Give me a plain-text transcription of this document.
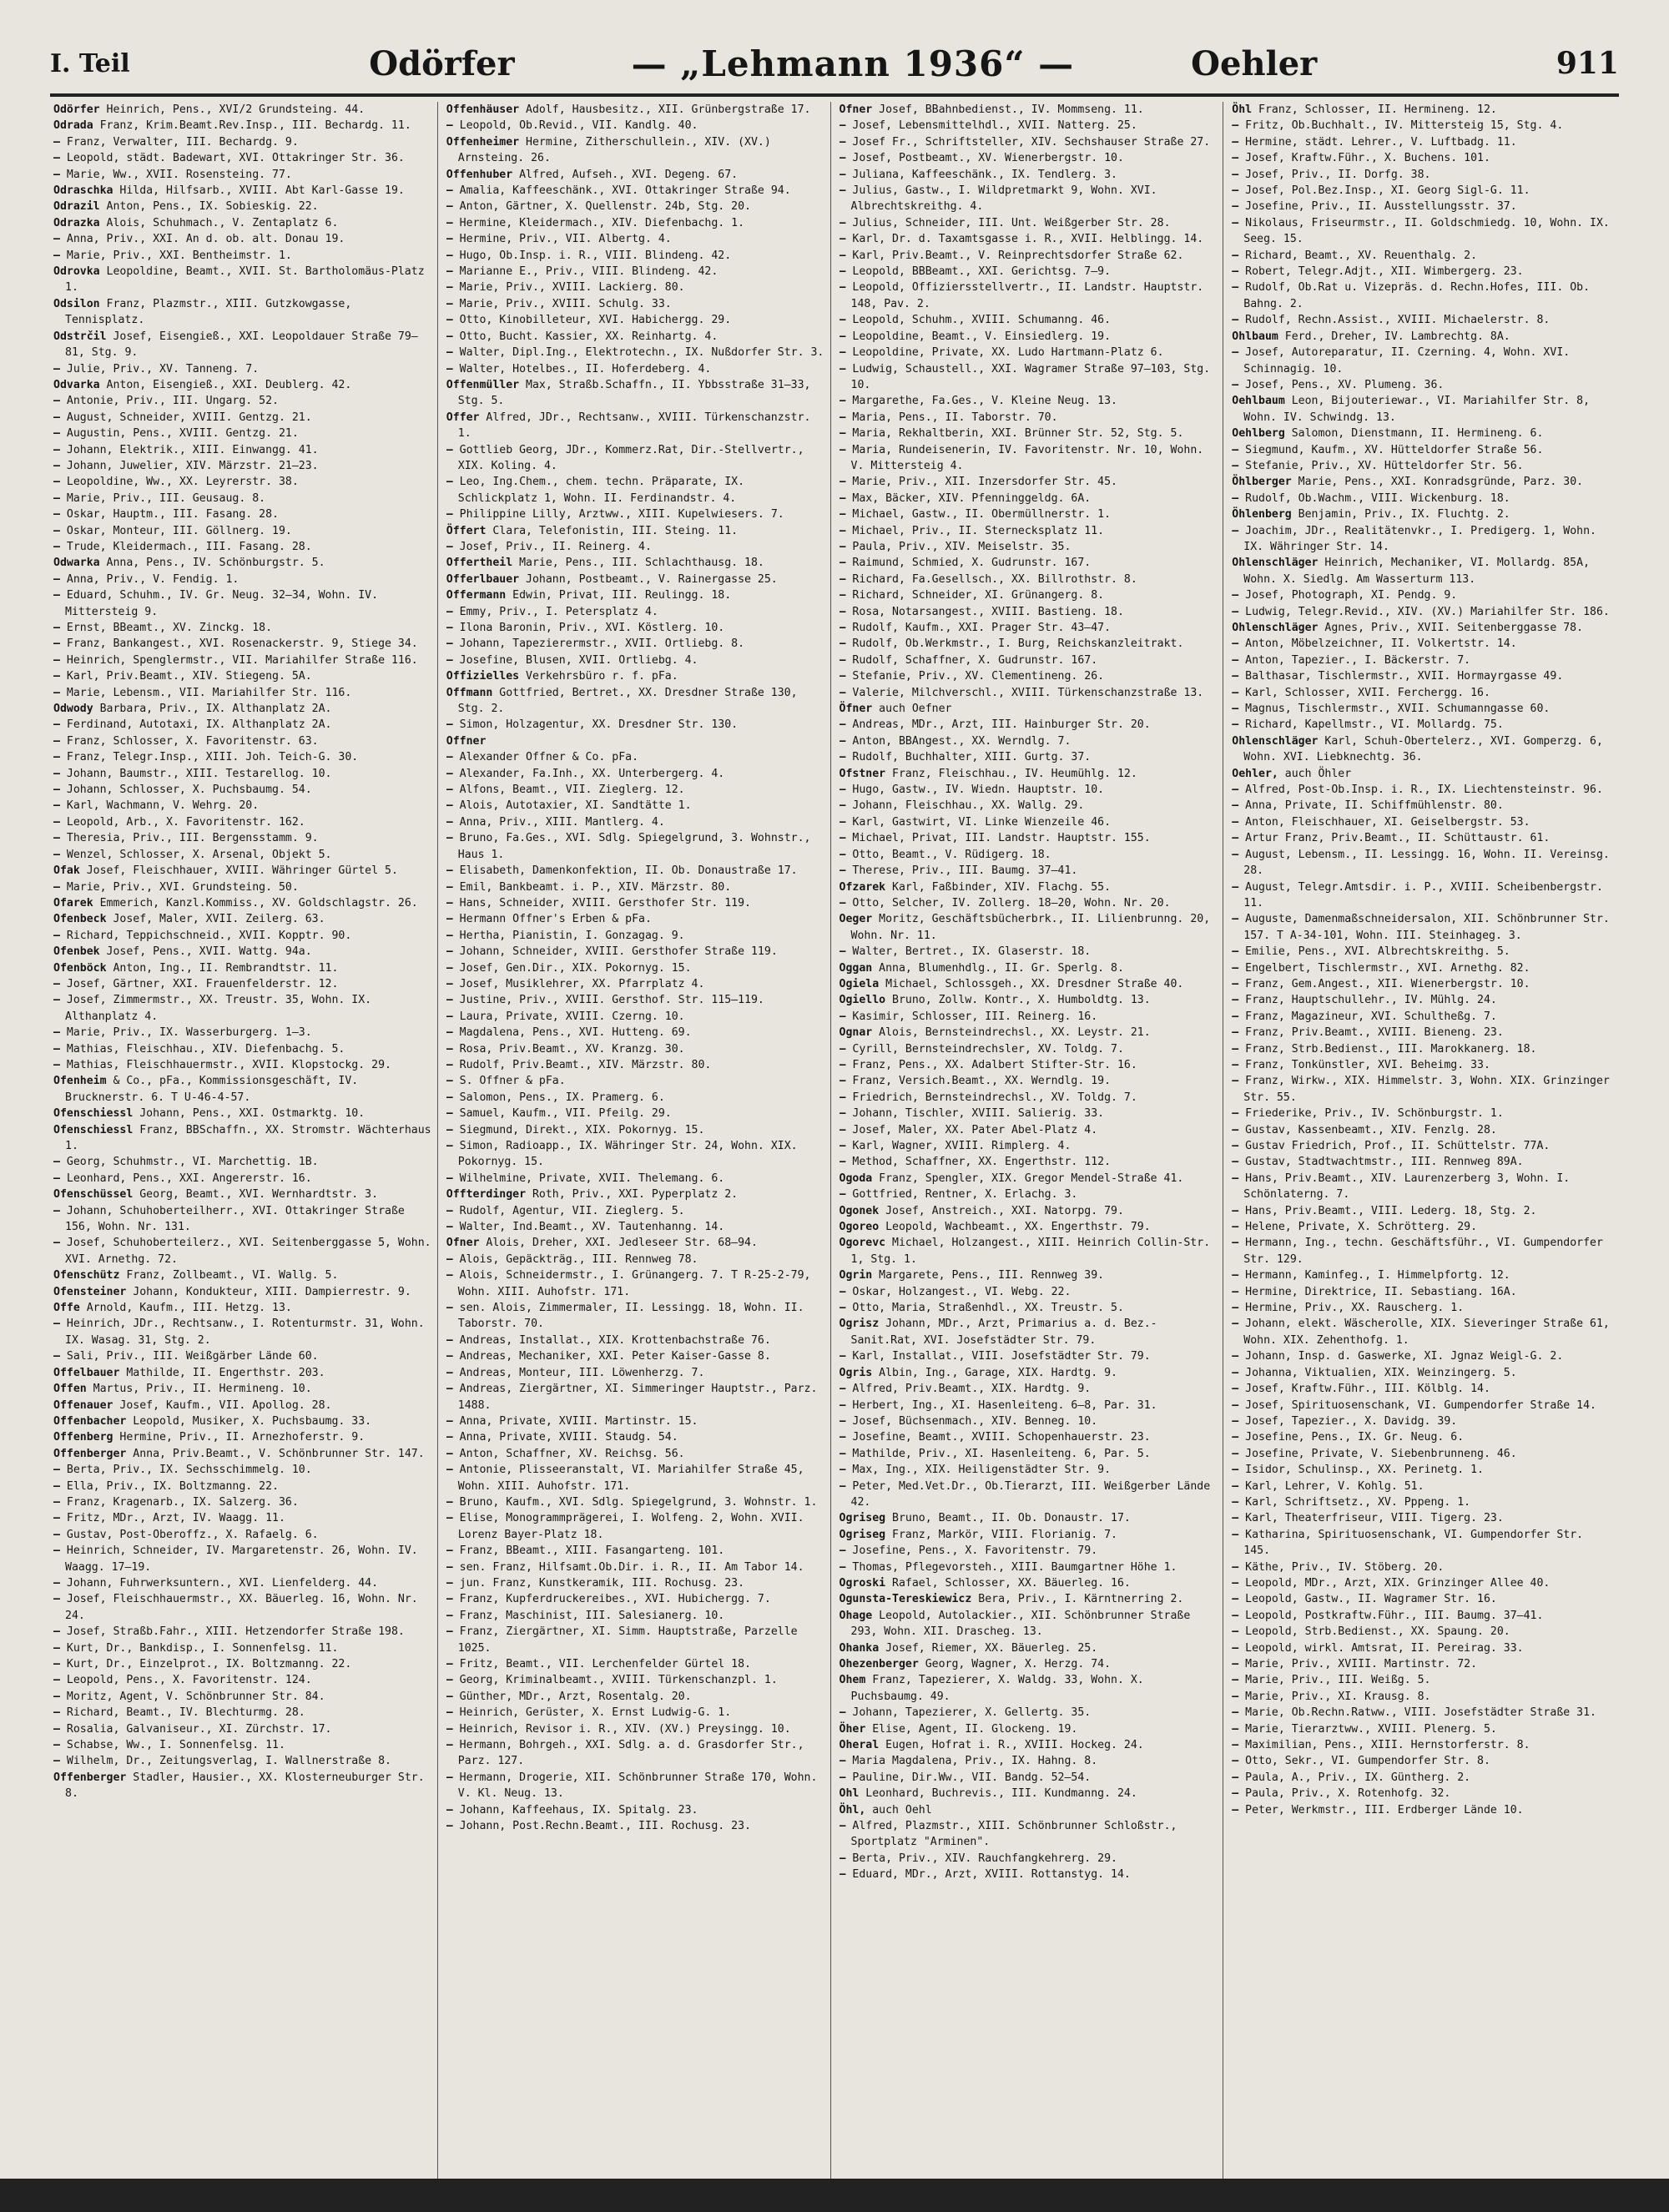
I. Teil	Odörfer	— „Lehmann 1936“ —	Oehler	911
Odörfer Heinrich, Pens., XVI/2 Grundsteing. 44.
Odrada Franz, Krim.Beamt.Rev.Insp., III. Bechardg. 11.
— Franz, Verwalter, III. Bechardg. 9.
— Leopold, städt. Badewart, XVI. Ottakringer Str. 36.
— Marie, Ww., XVII. Rosensteing. 77.
Odraschka Hilda, Hilfsarb., XVIII. Abt Karl-Gasse 19.
Odrazil Anton, Pens., IX. Sobieskig. 22.
Odrazka Alois, Schuhmach., V. Zentaplatz 6.
— Anna, Priv., XXI. An d. ob. alt. Donau 19.
— Marie, Priv., XXI. Bentheimstr. 1.
Odrovka Leopoldine, Beamt., XVII. St. Bartholomäus-Platz 1.
Odsilon Franz, Plazmstr., XIII. Gutzkowgasse, Tennisplatz.
Odstrčil Josef, Eisengieß., XXI. Leopoldauer Straße 79—81, Stg. 9.
— Julie, Priv., XV. Tanneng. 7.
Odvarka Anton, Eisengieß., XXI. Deublerg. 42.
— Antonie, Priv., III. Ungarg. 52.
— August, Schneider, XVIII. Gentzg. 21.
— Augustin, Pens., XVIII. Gentzg. 21.
— Johann, Elektrik., XIII. Einwangg. 41.
— Johann, Juwelier, XIV. Märzstr. 21—23.
— Leopoldine, Ww., XX. Leyrerstr. 38.
— Marie, Priv., III. Geusaug. 8.
— Oskar, Hauptm., III. Fasang. 28.
— Oskar, Monteur, III. Göllnerg. 19.
— Trude, Kleidermach., III. Fasang. 28.
Odwarka Anna, Pens., IV. Schönburgstr. 5.
— Anna, Priv., V. Fendig. 1.
— Eduard, Schuhm., IV. Gr. Neug. 32—34, Wohn. IV. Mittersteig 9.
— Ernst, BBeamt., XV. Zinckg. 18.
— Franz, Bankangest., XVI. Rosenackerstr. 9, Stiege 34.
— Heinrich, Spenglermstr., VII. Mariahilfer Straße 116.
— Karl, Priv.Beamt., XIV. Stiegeng. 5A.
— Marie, Lebensm., VII. Mariahilfer Str. 116.
Odwody Barbara, Priv., IX. Althanplatz 2A.
— Ferdinand, Autotaxi, IX. Althanplatz 2A.
— Franz, Schlosser, X. Favoritenstr. 63.
— Franz, Telegr.Insp., XIII. Joh. Teich-G. 30.
— Johann, Baumstr., XIII. Testarellog. 10.
— Johann, Schlosser, X. Puchsbaumg. 54.
— Karl, Wachmann, V. Wehrg. 20.
— Leopold, Arb., X. Favoritenstr. 162.
— Theresia, Priv., III. Bergensstamm. 9.
— Wenzel, Schlosser, X. Arsenal, Objekt 5.
Ofak Josef, Fleischhauer, XVIII. Währinger Gürtel 5.
— Marie, Priv., XVI. Grundsteing. 50.
Ofarek Emmerich, Kanzl.Kommiss., XV. Goldschlagstr. 26.
Ofenbeck Josef, Maler, XVII. Zeilerg. 63.
— Richard, Teppichschneid., XVII. Kopptr. 90.
Ofenbek Josef, Pens., XVII. Wattg. 94a.
Ofenböck Anton, Ing., II. Rembrandtstr. 11.
— Josef, Gärtner, XXI. Frauenfelderstr. 12.
— Josef, Zimmermstr., XX. Treustr. 35, Wohn. IX. Althanplatz 4.
— Marie, Priv., IX. Wasserburgerg. 1—3.
— Mathias, Fleischhau., XIV. Diefenbachg. 5.
— Mathias, Fleischhauermstr., XVII. Klopstockg. 29.
Ofenheim & Co., pFa., Kommissionsgeschäft, IV. Brucknerstr. 6. T U-46-4-57.
Ofenschiessl Johann, Pens., XXI. Ostmarktg. 10.
Ofenschiessl Franz, BBSchaffn., XX. Stromstr. Wächterhaus 1.
— Georg, Schuhmstr., VI. Marchettig. 1B.
— Leonhard, Pens., XXI. Angererstr. 16.
Ofenschüssel Georg, Beamt., XVI. Wernhardtstr. 3.
— Johann, Schuhoberteilherr., XVI. Ottakringer Straße 156, Wohn. Nr. 131.
— Josef, Schuhoberteilerz., XVI. Seitenberggasse 5, Wohn. XVI. Arnethg. 72.
Ofenschütz Franz, Zollbeamt., VI. Wallg. 5.
Ofensteiner Johann, Kondukteur, XIII. Dampierrestr. 9.
Offe Arnold, Kaufm., III. Hetzg. 13.
— Heinrich, JDr., Rechtsanw., I. Rotenturmstr. 31, Wohn. IX. Wasag. 31, Stg. 2.
— Sali, Priv., III. Weißgärber Lände 60.
Offelbauer Mathilde, II. Engerthstr. 203.
Offen Martus, Priv., II. Hermineng. 10.
Offenauer Josef, Kaufm., VII. Apollog. 28.
Offenbacher Leopold, Musiker, X. Puchsbaumg. 33.
Offenberg Hermine, Priv., II. Arnezhoferstr. 9.
Offenberger Anna, Priv.Beamt., V. Schönbrunner Str. 147.
— Berta, Priv., IX. Sechsschimmelg. 10.
— Ella, Priv., IX. Boltzmanng. 22.
— Franz, Kragenarb., IX. Salzerg. 36.
— Fritz, MDr., Arzt, IV. Waagg. 11.
— Gustav, Post-Oberoffz., X. Rafaelg. 6.
— Heinrich, Schneider, IV. Margaretenstr. 26, Wohn. IV. Waagg. 17—19.
— Johann, Fuhrwerksuntern., XVI. Lienfelderg. 44.
— Josef, Fleischhauermstr., XX. Bäuerleg. 16, Wohn. Nr. 24.
— Josef, Straßb.Fahr., XIII. Hetzendorfer Straße 198.
— Kurt, Dr., Bankdisp., I. Sonnenfelsg. 11.
— Kurt, Dr., Einzelprot., IX. Boltzmanng. 22.
— Leopold, Pens., X. Favoritenstr. 124.
— Moritz, Agent, V. Schönbrunner Str. 84.
— Richard, Beamt., IV. Blechturmg. 28.
— Rosalia, Galvaniseur., XI. Zürchstr. 17.
— Schabse, Ww., I. Sonnenfelsg. 11.
— Wilhelm, Dr., Zeitungsverlag, I. Wallnerstraße 8.
Offenberger Stadler, Hausier., XX. Klosterneuburger Str. 8.
Offenhäuser Adolf, Hausbesitz., XII. Grünbergstraße 17.
— Leopold, Ob.Revid., VII. Kandlg. 40.
Offenheimer Hermine, Zitherschullein., XIV. (XV.) Arnsteing. 26.
Offenhuber Alfred, Aufseh., XVI. Degeng. 67.
— Amalia, Kaffeeschänk., XVI. Ottakringer Straße 94.
— Anton, Gärtner, X. Quellenstr. 24b, Stg. 20.
— Hermine, Kleidermach., XIV. Diefenbachg. 1.
— Hermine, Priv., VII. Albertg. 4.
— Hugo, Ob.Insp. i. R., VIII. Blindeng. 42.
— Marianne E., Priv., VIII. Blindeng. 42.
— Marie, Priv., XVIII. Lackierg. 80.
— Marie, Priv., XVIII. Schulg. 33.
— Otto, Kinobilleteur, XVI. Habichergg. 29.
— Otto, Bucht. Kassier, XX. Reinhartg. 4.
— Walter, Dipl.Ing., Elektrotechn., IX. Nußdorfer Str. 3.
— Walter, Hotelbes., II. Hoferdeberg. 4.
Offenmüller Max, Straßb.Schaffn., II. Ybbsstraße 31—33, Stg. 5.
Offer Alfred, JDr., Rechtsanw., XVIII. Türkenschanzstr. 1.
— Gottlieb Georg, JDr., Kommerz.Rat, Dir.-Stellvertr., XIX. Koling. 4.
— Leo, Ing.Chem., chem. techn. Präparate, IX. Schlickplatz 1, Wohn. II. Ferdinandstr. 4.
— Philippine Lilly, Arztww., XIII. Kupelwiesers. 7.
Öffert Clara, Telefonistin, III. Steing. 11.
— Josef, Priv., II. Reinerg. 4.
Offertheil Marie, Pens., III. Schlachthausg. 18.
Offerlbauer Johann, Postbeamt., V. Rainergasse 25.
Offermann Edwin, Privat, III. Reulingg. 18.
— Emmy, Priv., I. Petersplatz 4.
— Ilona Baronin, Priv., XVI. Köstlerg. 10.
— Johann, Tapezierermstr., XVII. Ortliebg. 8.
— Josefine, Blusen, XVII. Ortliebg. 4.
Offizielles Verkehrsbüro r. f. pFa.
Offmann Gottfried, Bertret., XX. Dresdner Straße 130, Stg. 2.
— Simon, Holzagentur, XX. Dresdner Str. 130.
Offner
— Alexander Offner & Co. pFa.
— Alexander, Fa.Inh., XX. Unterbergerg. 4.
— Alfons, Beamt., VII. Zieglerg. 12.
— Alois, Autotaxier, XI. Sandtätte 1.
— Anna, Priv., XIII. Mantlerg. 4.
— Bruno, Fa.Ges., XVI. Sdlg. Spiegelgrund, 3. Wohnstr., Haus 1.
— Elisabeth, Damenkonfektion, II. Ob. Donaustraße 17.
— Emil, Bankbeamt. i. P., XIV. Märzstr. 80.
— Hans, Schneider, XVIII. Gersthofer Str. 119.
— Hermann Offner's Erben & pFa.
— Hertha, Pianistin, I. Gonzagag. 9.
— Johann, Schneider, XVIII. Gersthofer Straße 119.
— Josef, Gen.Dir., XIX. Pokornyg. 15.
— Josef, Musiklehrer, XX. Pfarrplatz 4.
— Justine, Priv., XVIII. Gersthof. Str. 115—119.
— Laura, Private, XVIII. Czerng. 10.
— Magdalena, Pens., XVI. Hutteng. 69.
— Rosa, Priv.Beamt., XV. Kranzg. 30.
— Rudolf, Priv.Beamt., XIV. Märzstr. 80.
— S. Offner & pFa.
— Salomon, Pens., IX. Pramerg. 6.
— Samuel, Kaufm., VII. Pfeilg. 29.
— Siegmund, Direkt., XIX. Pokornyg. 15.
— Simon, Radioapp., IX. Währinger Str. 24, Wohn. XIX. Pokornyg. 15.
— Wilhelmine, Private, XVII. Thelemang. 6.
Offterdinger Roth, Priv., XXI. Pyperplatz 2.
— Rudolf, Agentur, VII. Zieglerg. 5.
— Walter, Ind.Beamt., XV. Tautenhanng. 14.
Ofner Alois, Dreher, XXI. Jedleseer Str. 68—94.
— Alois, Gepäckträg., III. Rennweg 78.
— Alois, Schneidermstr., I. Grünangerg. 7. T R-25-2-79, Wohn. XIII. Auhofstr. 171.
— sen. Alois, Zimmermaler, II. Lessingg. 18, Wohn. II. Taborstr. 70.
— Andreas, Installat., XIX. Krottenbachstraße 76.
— Andreas, Mechaniker, XXI. Peter Kaiser-Gasse 8.
— Andreas, Monteur, III. Löwenherzg. 7.
— Andreas, Ziergärtner, XI. Simmeringer Hauptstr., Parz. 1488.
— Anna, Private, XVIII. Martinstr. 15.
— Anna, Private, XVIII. Staudg. 54.
— Anton, Schaffner, XV. Reichsg. 56.
— Antonie, Plisseeranstalt, VI. Mariahilfer Straße 45, Wohn. XIII. Auhofstr. 171.
— Bruno, Kaufm., XVI. Sdlg. Spiegelgrund, 3. Wohnstr. 1.
— Elise, Monogrammprägerei, I. Wolfeng. 2, Wohn. XVII. Lorenz Bayer-Platz 18.
— Franz, BBeamt., XIII. Fasangarteng. 101.
— sen. Franz, Hilfsamt.Ob.Dir. i. R., II. Am Tabor 14.
— jun. Franz, Kunstkeramik, III. Rochusg. 23.
— Franz, Kupferdruckereibes., XVI. Hubichergg. 7.
— Franz, Maschinist, III. Salesianerg. 10.
— Franz, Ziergärtner, XI. Simm. Hauptstraße, Parzelle 1025.
— Fritz, Beamt., VII. Lerchenfelder Gürtel 18.
— Georg, Kriminalbeamt., XVIII. Türkenschanzpl. 1.
— Günther, MDr., Arzt, Rosentalg. 20.
— Heinrich, Gerüster, X. Ernst Ludwig-G. 1.
— Heinrich, Revisor i. R., XIV. (XV.) Preysingg. 10.
— Hermann, Bohrgeh., XXI. Sdlg. a. d. Grasdorfer Str., Parz. 127.
— Hermann, Drogerie, XII. Schönbrunner Straße 170, Wohn. V. Kl. Neug. 13.
— Johann, Kaffeehaus, IX. Spitalg. 23.
— Johann, Post.Rechn.Beamt., III. Rochusg. 23.
Ofner Josef, BBahnbedienst., IV. Mommseng. 11.
— Josef, Lebensmittelhdl., XVII. Natterg. 25.
— Josef Fr., Schriftsteller, XIV. Sechshauser Straße 27.
— Josef, Postbeamt., XV. Wienerbergstr. 10.
— Juliana, Kaffeeschänk., IX. Tendlerg. 3.
— Julius, Gastw., I. Wildpretmarkt 9, Wohn. XVI. Albrechtskreithg. 4.
— Julius, Schneider, III. Unt. Weißgerber Str. 28.
— Karl, Dr. d. Taxamtsgasse i. R., XVII. Helblingg. 14.
— Karl, Priv.Beamt., V. Reinprechtsdorfer Straße 62.
— Leopold, BBBeamt., XXI. Gerichtsg. 7—9.
— Leopold, Offiziersstellvertr., II. Landstr. Hauptstr. 148, Pav. 2.
— Leopold, Schuhm., XVIII. Schumanng. 46.
— Leopoldine, Beamt., V. Einsiedlerg. 19.
— Leopoldine, Private, XX. Ludo Hartmann-Platz 6.
— Ludwig, Schaustell., XXI. Wagramer Straße 97—103, Stg. 10.
— Margarethe, Fa.Ges., V. Kleine Neug. 13.
— Maria, Pens., II. Taborstr. 70.
— Maria, Rekhaltberin, XXI. Brünner Str. 52, Stg. 5.
— Maria, Rundeisenerin, IV. Favoritenstr. Nr. 10, Wohn. V. Mittersteig 4.
— Marie, Priv., XII. Inzersdorfer Str. 45.
— Max, Bäcker, XIV. Pfenninggeldg. 6A.
— Michael, Gastw., II. Obermüllnerstr. 1.
— Michael, Priv., II. Sternecksplatz 11.
— Paula, Priv., XIV. Meiselstr. 35.
— Raimund, Schmied, X. Gudrunstr. 167.
— Richard, Fa.Gesellsch., XX. Billrothstr. 8.
— Richard, Schneider, XI. Grünangerg. 8.
— Rosa, Notarsangest., XVIII. Bastieng. 18.
— Rudolf, Kaufm., XXI. Prager Str. 43—47.
— Rudolf, Ob.Werkmstr., I. Burg, Reichskanzleitrakt.
— Rudolf, Schaffner, X. Gudrunstr. 167.
— Stefanie, Priv., XV. Clementineng. 26.
— Valerie, Milchverschl., XVIII. Türkenschanzstraße 13.
Öfner auch Oefner
— Andreas, MDr., Arzt, III. Hainburger Str. 20.
— Anton, BBAngest., XX. Werndlg. 7.
— Rudolf, Buchhalter, XIII. Gurtg. 37.
Ofstner Franz, Fleischhau., IV. Heumühlg. 12.
— Hugo, Gastw., IV. Wiedn. Hauptstr. 10.
— Johann, Fleischhau., XX. Wallg. 29.
— Karl, Gastwirt, VI. Linke Wienzeile 46.
— Michael, Privat, III. Landstr. Hauptstr. 155.
— Otto, Beamt., V. Rüdigerg. 18.
— Therese, Priv., III. Baumg. 37—41.
Ofzarek Karl, Faßbinder, XIV. Flachg. 55.
— Otto, Selcher, IV. Zollerg. 18—20, Wohn. Nr. 20.
Oeger Moritz, Geschäftsbücherbrk., II. Lilienbrunng. 20, Wohn. Nr. 11.
— Walter, Bertret., IX. Glaserstr. 18.
Oggan Anna, Blumenhdlg., II. Gr. Sperlg. 8.
Ogiela Michael, Schlossgeh., XX. Dresdner Straße 40.
Ogiello Bruno, Zollw. Kontr., X. Humboldtg. 13.
— Kasimir, Schlosser, III. Reinerg. 16.
Ognar Alois, Bernsteindrechsl., XX. Leystr. 21.
— Cyrill, Bernsteindrechsler, XV. Toldg. 7.
— Franz, Pens., XX. Adalbert Stifter-Str. 16.
— Franz, Versich.Beamt., XX. Werndlg. 19.
— Friedrich, Bernsteindrechsl., XV. Toldg. 7.
— Johann, Tischler, XVIII. Salierig. 33.
— Josef, Maler, XX. Pater Abel-Platz 4.
— Karl, Wagner, XVIII. Rimplerg. 4.
— Method, Schaffner, XX. Engerthstr. 112.
Ogoda Franz, Spengler, XIX. Gregor Mendel-Straße 41.
— Gottfried, Rentner, X. Erlachg. 3.
Ogonek Josef, Anstreich., XXI. Natorpg. 79.
Ogoreo Leopold, Wachbeamt., XX. Engerthstr. 79.
Ogorevc Michael, Holzangest., XIII. Heinrich Collin-Str. 1, Stg. 1.
Ogrin Margarete, Pens., III. Rennweg 39.
— Oskar, Holzangest., VI. Webg. 22.
— Otto, Maria, Straßenhdl., XX. Treustr. 5.
Ogrisz Johann, MDr., Arzt, Primarius a. d. Bez.-Sanit.Rat, XVI. Josefstädter Str. 79.
— Karl, Installat., VIII. Josefstädter Str. 79.
Ogris Albin, Ing., Garage, XIX. Hardtg. 9.
— Alfred, Priv.Beamt., XIX. Hardtg. 9.
— Herbert, Ing., XI. Hasenleiteng. 6—8, Par. 31.
— Josef, Büchsenmach., XIV. Benneg. 10.
— Josefine, Beamt., XVIII. Schopenhauerstr. 23.
— Mathilde, Priv., XI. Hasenleiteng. 6, Par. 5.
— Max, Ing., XIX. Heiligenstädter Str. 9.
— Peter, Med.Vet.Dr., Ob.Tierarzt, III. Weißgerber Lände 42.
Ogriseg Bruno, Beamt., II. Ob. Donaustr. 17.
Ogriseg Franz, Markör, VIII. Florianig. 7.
— Josefine, Pens., X. Favoritenstr. 79.
— Thomas, Pflegevorsteh., XIII. Baumgartner Höhe 1.
Ogroski Rafael, Schlosser, XX. Bäuerleg. 16.
Ogunsta-Tereskiewicz Bera, Priv., I. Kärntnerring 2.
Ohage Leopold, Autolackier., XII. Schönbrunner Straße 293, Wohn. XII. Drascheg. 13.
Ohanka Josef, Riemer, XX. Bäuerleg. 25.
Ohezenberger Georg, Wagner, X. Herzg. 74.
Ohem Franz, Tapezierer, X. Waldg. 33, Wohn. X. Puchsbaumg. 49.
— Johann, Tapezierer, X. Gellertg. 35.
Öher Elise, Agent, II. Glockeng. 19.
Oheral Eugen, Hofrat i. R., XVIII. Hockeg. 24.
— Maria Magdalena, Priv., IX. Hahng. 8.
— Pauline, Dir.Ww., VII. Bandg. 52—54.
Ohl Leonhard, Buchrevis., III. Kundmanng. 24.
Öhl, auch Oehl
— Alfred, Plazmstr., XIII. Schönbrunner Schloßstr., Sportplatz "Arminen".
— Berta, Priv., XIV. Rauchfangkehrerg. 29.
— Eduard, MDr., Arzt, XVIII. Rottanstyg. 14.
Öhl Franz, Schlosser, II. Hermineng. 12.
— Fritz, Ob.Buchhalt., IV. Mittersteig 15, Stg. 4.
— Hermine, städt. Lehrer., V. Luftbadg. 11.
— Josef, Kraftw.Führ., X. Buchens. 101.
— Josef, Priv., II. Dorfg. 38.
— Josef, Pol.Bez.Insp., XI. Georg Sigl-G. 11.
— Josefine, Priv., II. Ausstellungsstr. 37.
— Nikolaus, Friseurmstr., II. Goldschmiedg. 10, Wohn. IX. Seeg. 15.
— Richard, Beamt., XV. Reuenthalg. 2.
— Robert, Telegr.Adjt., XII. Wimbergerg. 23.
— Rudolf, Ob.Rat u. Vizepräs. d. Rechn.Hofes, III. Ob. Bahng. 2.
— Rudolf, Rechn.Assist., XVIII. Michaelerstr. 8.
Ohlbaum Ferd., Dreher, IV. Lambrechtg. 8A.
— Josef, Autoreparatur, II. Czerning. 4, Wohn. XVI. Schinnagig. 10.
— Josef, Pens., XV. Plumeng. 36.
Oehlbaum Leon, Bijouteriewar., VI. Mariahilfer Str. 8, Wohn. IV. Schwindg. 13.
Oehlberg Salomon, Dienstmann, II. Hermineng. 6.
— Siegmund, Kaufm., XV. Hütteldorfer Straße 56.
— Stefanie, Priv., XV. Hütteldorfer Str. 56.
Öhlberger Marie, Pens., XXI. Konradsgründe, Parz. 30.
— Rudolf, Ob.Wachm., VIII. Wickenburg. 18.
Öhlenberg Benjamin, Priv., IX. Fluchtg. 2.
— Joachim, JDr., Realitätenvkr., I. Predigerg. 1, Wohn. IX. Währinger Str. 14.
Ohlenschläger Heinrich, Mechaniker, VI. Mollardg. 85A, Wohn. X. Siedlg. Am Wasserturm 113.
— Josef, Photograph, XI. Pendg. 9.
— Ludwig, Telegr.Revid., XIV. (XV.) Mariahilfer Str. 186.
Ohlenschläger Agnes, Priv., XVII. Seitenberggasse 78.
— Anton, Möbelzeichner, II. Volkertstr. 14.
— Anton, Tapezier., I. Bäckerstr. 7.
— Balthasar, Tischlermstr., XVII. Hormayrgasse 49.
— Karl, Schlosser, XVII. Ferchergg. 16.
— Magnus, Tischlermstr., XVII. Schumanngasse 60.
— Richard, Kapellmstr., VI. Mollardg. 75.
Ohlenschläger Karl, Schuh-Obertelerz., XVI. Gomperzg. 6, Wohn. XVI. Liebknechtg. 36.
Oehler, auch Öhler
— Alfred, Post-Ob.Insp. i. R., IX. Liechtensteinstr. 96.
— Anna, Private, II. Schiffmühlenstr. 80.
— Anton, Fleischhauer, XI. Geiselbergstr. 53.
— Artur Franz, Priv.Beamt., II. Schüttaustr. 61.
— August, Lebensm., II. Lessingg. 16, Wohn. II. Vereinsg. 28.
— August, Telegr.Amtsdir. i. P., XVIII. Scheibenbergstr. 11.
— Auguste, Damenmaßschneidersalon, XII. Schönbrunner Str. 157. T A-34-101, Wohn. III. Steinhageg. 3.
— Emilie, Pens., XVI. Albrechtskreithg. 5.
— Engelbert, Tischlermstr., XVI. Arnethg. 82.
— Franz, Gem.Angest., XII. Wienerbergstr. 10.
— Franz, Hauptschullehr., IV. Mühlg. 24.
— Franz, Magazineur, XVI. Schultheßg. 7.
— Franz, Priv.Beamt., XVIII. Bieneng. 23.
— Franz, Strb.Bedienst., III. Marokkanerg. 18.
— Franz, Tonkünstler, XVI. Beheimg. 33.
— Franz, Wirkw., XIX. Himmelstr. 3, Wohn. XIX. Grinzinger Str. 55.
— Friederike, Priv., IV. Schönburgstr. 1.
— Gustav, Kassenbeamt., XIV. Fenzlg. 28.
— Gustav Friedrich, Prof., II. Schüttelstr. 77A.
— Gustav, Stadtwachtmstr., III. Rennweg 89A.
— Hans, Priv.Beamt., XIV. Laurenzerberg 3, Wohn. I. Schönlaterng. 7.
— Hans, Priv.Beamt., VIII. Lederg. 18, Stg. 2.
— Helene, Private, X. Schrötterg. 29.
— Hermann, Ing., techn. Geschäftsführ., VI. Gumpendorfer Str. 129.
— Hermann, Kaminfeg., I. Himmelpfortg. 12.
— Hermine, Direktrice, II. Sebastiang. 16A.
— Hermine, Priv., XX. Rauscherg. 1.
— Johann, elekt. Wäscherolle, XIX. Sieveringer Straße 61, Wohn. XIX. Zehenthofg. 1.
— Johann, Insp. d. Gaswerke, XI. Jgnaz Weigl-G. 2.
— Johanna, Viktualien, XIX. Weinzingerg. 5.
— Josef, Kraftw.Führ., III. Kölblg. 14.
— Josef, Spirituosenschank, VI. Gumpendorfer Straße 14.
— Josef, Tapezier., X. Davidg. 39.
— Josefine, Pens., IX. Gr. Neug. 6.
— Josefine, Private, V. Siebenbrunneng. 46.
— Isidor, Schulinsp., XX. Perinetg. 1.
— Karl, Lehrer, V. Kohlg. 51.
— Karl, Schriftsetz., XV. Pppeng. 1.
— Karl, Theaterfriseur, VIII. Tigerg. 23.
— Katharina, Spirituosenschank, VI. Gumpendorfer Str. 145.
— Käthe, Priv., IV. Stöberg. 20.
— Leopold, MDr., Arzt, XIX. Grinzinger Allee 40.
— Leopold, Gastw., II. Wagramer Str. 16.
— Leopold, Postkraftw.Führ., III. Baumg. 37—41.
— Leopold, Strb.Bedienst., XX. Spaung. 20.
— Leopold, wirkl. Amtsrat, II. Pereirag. 33.
— Marie, Priv., XVIII. Martinstr. 72.
— Marie, Priv., III. Weißg. 5.
— Marie, Priv., XI. Krausg. 8.
— Marie, Ob.Rechn.Ratww., VIII. Josefstädter Straße 31.
— Marie, Tierarztww., XVIII. Plenerg. 5.
— Maximilian, Pens., XIII. Hernstorferstr. 8.
— Otto, Sekr., VI. Gumpendorfer Str. 8.
— Paula, A., Priv., IX. Güntherg. 2.
— Paula, Priv., X. Rotenhofg. 32.
— Peter, Werkmstr., III. Erdberger Lände 10.
